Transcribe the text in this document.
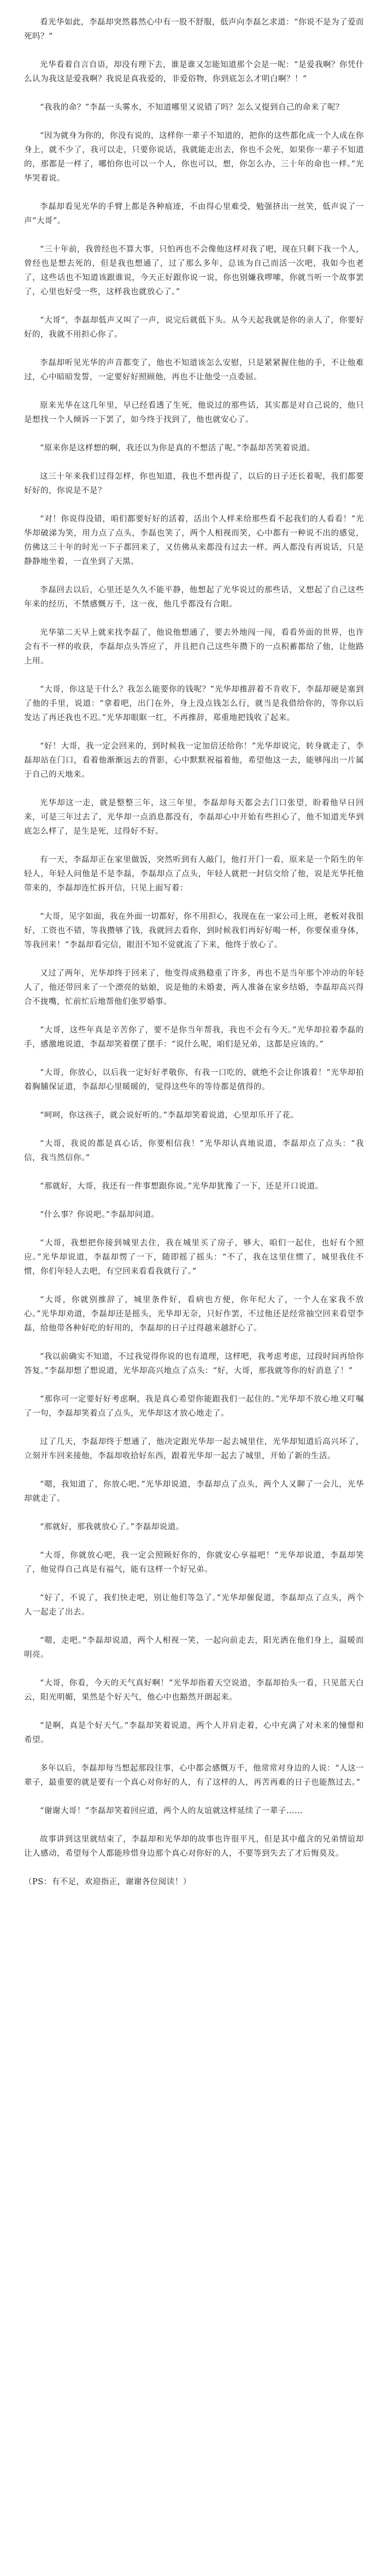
看光华如此，李磊却突然暮然心中有一股不舒服，低声向李磊乞求道：“你说不是为了爱而死吗？”

光华看着自言自语，却没有理下去，谁是谁又怎能知道那个会是一呢：“是爱我啊？你凭什么认为我这是爱我啊？我说是真我爱的，非爱俗物，你到底怎么才明白啊？！”

“我我的命？”李磊一头雾水，不知道哪里又说错了吗？怎么又提到自己的命来了呢？

“因为就身为你的，你没有说的，这样你一辈子不知道的，把你的这些都化成一个人成在你身上，就不少了，我可以走，只要你说话，我就能走出去，你也不会死，如果你一辈子不知道的，那都是一样了，哪怕你也可以一个人，你也可以，想，你怎么办，三十年的命也一样。”光华哭着说。

李磊却看见光华的手臂上都是各种痕迹，不由得心里难受，勉强挤出一丝笑，低声说了一声“大哥”。

“三十年前，我曾经也不算大事，只怕再也不会像他这样对我了吧，现在只剩下我一个人，曾经也是想去死的，但是我也想通了，过了那么多年，总该为自己而活一次吧，我如今也老了，这些话也不知道该跟谁说，今天正好跟你说一说，你也别嫌我啰嗦，你就当听一个故事罢了，心里也好受一些，这样我也就放心了。”

“大哥”，李磊却低声又叫了一声，说完后就低下头。从今天起我就是你的亲人了，你要好好的，我就不用担心你了。

李磊却听见光华的声音都变了，他也不知道该怎么安慰，只是紧紧握住他的手，不让他难过，心中暗暗发誓，一定要好好照顾他，再也不让他受一点委屈。

原来光华在这几年里，早已经看透了生死，他说过的那些话，其实都是对自己说的，他只是想找一个人倾诉一下罢了，如今终于找到了，他也就安心了。

“原来你是这样想的啊，我还以为你是真的不想活了呢。”李磊却苦笑着说道。

这三十年来我们过得怎样，你也知道，我也不想再提了，以后的日子还长着呢，我们都要好好的，你说是不是？

“对！你说得没错，咱们都要好好的活着，活出个人样来给那些看不起我们的人看看！”光华却破涕为笑，用力点了点头，李磊也笑了，两个人相视而笑，心中都有一种说不出的感觉，仿佛这三十年的时光一下子都回来了，又仿佛从来都没有过去一样。两人都没有再说话，只是静静地坐着，一直坐到了天黑。

李磊回去以后，心里还是久久不能平静，他想起了光华说过的那些话，又想起了自己这些年来的经历，不禁感慨万千，这一夜，他几乎都没有合眼。

光华第二天早上就来找李磊了，他说他想通了，要去外地闯一闯，看看外面的世界，也许会有不一样的收获，李磊却点头答应了，并且把自己这些年攒下的一点积蓄都给了他，让他路上用。

“大哥，你这是干什么？我怎么能要你的钱呢？”光华却推辞着不肯收下，李磊却硬是塞到了他的手里，说道：“拿着吧，出门在外，身上没点钱怎么行，就当是我借给你的，等你以后发达了再还我也不迟。”光华却眼眶一红，不再推辞，郑重地把钱收了起来。

“好！大哥，我一定会回来的，到时候我一定加倍还给你！”光华却说完，转身就走了，李磊却站在门口，看着他渐渐远去的背影，心中默默祝福着他，希望他这一去，能够闯出一片属于自己的天地来。

光华却这一走，就是整整三年，这三年里，李磊却每天都会去门口张望，盼着他早日回来，可是三年过去了，光华却一点消息都没有，李磊却心中开始有些担心了，他不知道光华到底怎么样了，是生是死，过得好不好。

有一天，李磊却正在家里做饭，突然听到有人敲门，他打开门一看，原来是一个陌生的年轻人，年轻人问他是不是李磊，李磊却点了点头，年轻人就把一封信交给了他，说是光华托他带来的，李磊却连忙拆开信，只见上面写着：

“大哥，见字如面，我在外面一切都好，你不用担心，我现在在一家公司上班，老板对我很好，工资也不错，等我攒够了钱，我就回去看你，到时候我们再好好喝一杯，你要保重身体，等我回来！”李磊却看完信，眼泪不知不觉就流了下来，他终于放心了。

又过了两年，光华却终于回来了，他变得成熟稳重了许多，再也不是当年那个冲动的年轻人了，他还带回来了一个漂亮的姑娘，说是他的未婚妻，两人准备在家乡结婚，李磊却高兴得合不拢嘴，忙前忙后地帮他们张罗婚事。

“大哥，这些年真是辛苦你了，要不是你当年帮我，我也不会有今天。”光华却拉着李磊的手，感激地说道，李磊却笑着摆了摆手：“说什么呢，咱们是兄弟，这都是应该的。”

“大哥，你放心，以后我一定好好孝敬你，有我一口吃的，就绝不会让你饿着！”光华却拍着胸脯保证道，李磊却心里暖暖的，觉得这些年的等待都是值得的。

“呵呵，你这孩子，就会说好听的。”李磊却笑着说道，心里却乐开了花。

“大哥，我说的都是真心话，你要相信我！”光华却认真地说道，李磊却点了点头：“我信，我当然信你。”

“那就好，大哥，我还有一件事想跟你说。”光华却犹豫了一下，还是开口说道。

“什么事？你说吧。”李磊却问道。

“大哥，我想把你接到城里去住，我在城里买了房子，够大，咱们一起住，也好有个照应。”光华却说道，李磊却愣了一下，随即摇了摇头：“不了，我在这里住惯了，城里我住不惯，你们年轻人去吧，有空回来看看我就行了。”

“大哥，你就别推辞了，城里条件好，看病也方便，你年纪大了，一个人在家我不放心。”光华却劝道，李磊却还是摇头，光华却无奈，只好作罢，不过他还是经常抽空回来看望李磊，给他带各种好吃的好用的，李磊却的日子过得越来越舒心了。

“我以前确实不知道，不过我觉得你说的也有道理，这样吧，我考虑考虑，过段时间再给你答复。”李磊却想了想说道，光华却高兴地点了点头：“好，大哥，那我就等你的好消息了！”

“那你可一定要好好考虑啊，我是真心希望你能跟我们一起住的。”光华却不放心地又叮嘱了一句，李磊却笑着点了点头，光华却这才放心地走了。

过了几天，李磊却终于想通了，他决定跟光华却一起去城里住，光华却知道后高兴坏了，立刻开车回来接他，李磊却收拾好东西，跟着光华却一起去了城里，开始了新的生活。

“嗯，我知道了，你放心吧。”光华却说道，李磊却点了点头，两个人又聊了一会儿，光华却就走了。

“那就好，那我就放心了。”李磊却说道。

“大哥，你就放心吧，我一定会照顾好你的，你就安心享福吧！”光华却说道，李磊却笑了，他觉得自己真是有福气，能有这样一个好兄弟。

“好了，不说了，我们快走吧，别让他们等急了。”光华却催促道，李磊却点了点头，两个人一起走了出去。

“嗯，走吧。”李磊却说道，两个人相视一笑，一起向前走去，阳光洒在他们身上，温暖而明亮。

“大哥，你看，今天的天气真好啊！”光华却指着天空说道，李磊却抬头一看，只见蓝天白云，阳光明媚，果然是个好天气，他心中也豁然开朗起来。

“是啊，真是个好天气。”李磊却笑着说道，两个人并肩走着，心中充满了对未来的憧憬和希望。

多年以后，李磊却每当想起那段往事，心中都会感慨万千，他常常对身边的人说：“人这一辈子，最重要的就是要有一个真心对你好的人，有了这样的人，再苦再难的日子也能熬过去。”

“谢谢大哥！”李磊却笑着回应道，两个人的友谊就这样延续了一辈子……

故事讲到这里就结束了，李磊却和光华却的故事也许很平凡，但是其中蕴含的兄弟情谊却让人感动，希望每个人都能珍惜身边那个真心对你好的人，不要等到失去了才后悔莫及。

（PS：有不足，欢迎指正，谢谢各位阅读！）
